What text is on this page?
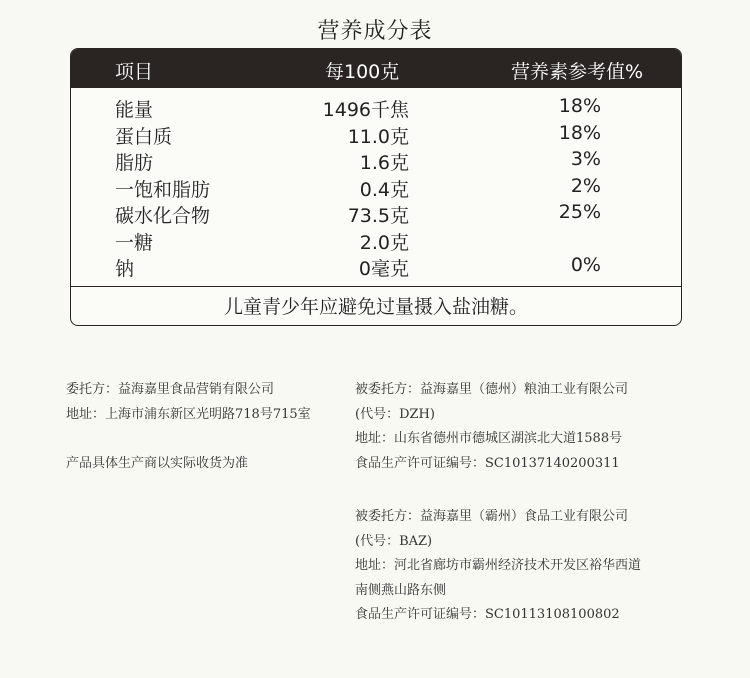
营养成分表
项目	每100克	营养素参考值%
能量	1496千焦	18%
蛋白质	11.0克	18%
脂肪	1.6克	3%
一饱和脂肪	0.4克	2%
碳水化合物	73.5克	25%
一糖	2.0克
钠	0毫克	0%
儿童青少年应避免过量摄入盐油糖。
委托方：益海嘉里食品营销有限公司
地址：上海市浦东新区光明路718号715室
产品具体生产商以实际收货为准
被委托方：益海嘉里（德州）粮油工业有限公司
(代号：DZH)
地址：山东省德州市德城区湖滨北大道1588号
食品生产许可证编号：SC10137140200311
被委托方：益海嘉里（霸州）食品工业有限公司
(代号：BAZ)
地址：河北省廊坊市霸州经济技术开发区裕华西道
南侧燕山路东侧
食品生产许可证编号：SC10113108100802
